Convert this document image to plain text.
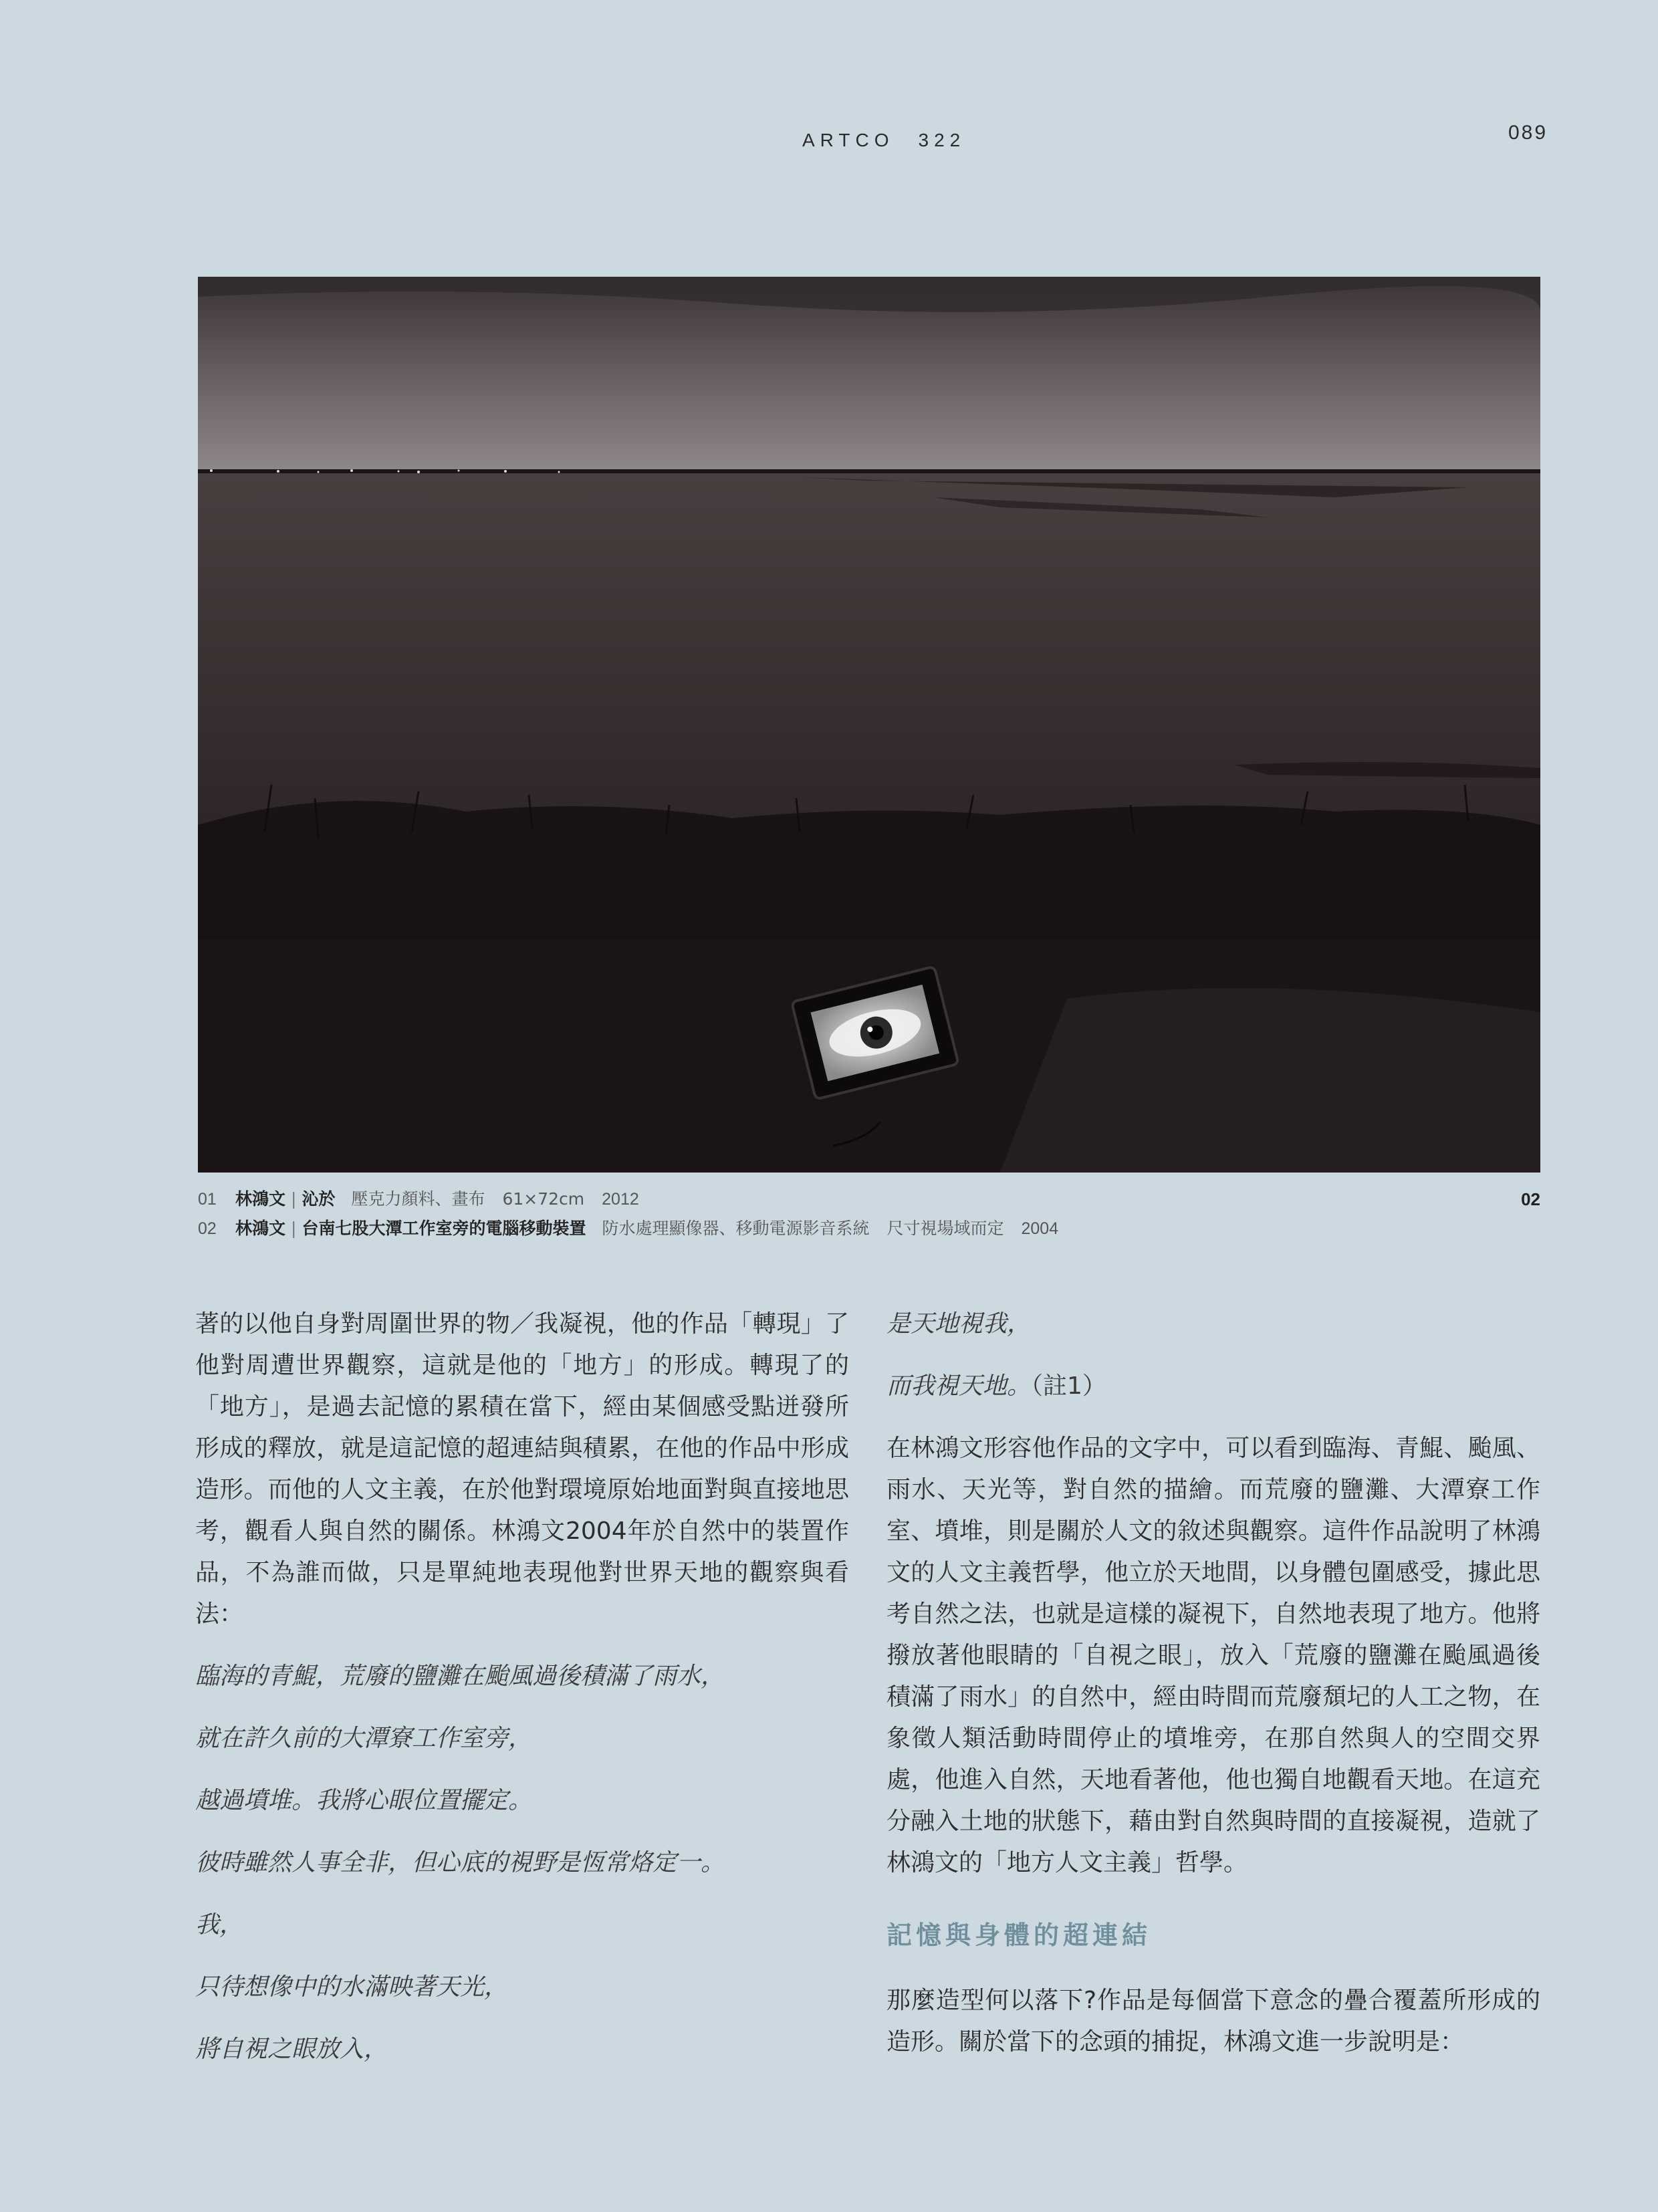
ARTCO　322	089
01 林鴻文 | 沁於 壓克力顏料、畫布 61×72cm 2012
02 林鴻文 | 台南七股大潭工作室旁的電腦移動裝置 防水處理顯像器、移動電源影音系統 尺寸視場域而定 2004
02

著的以他自身對周圍世界的物／我凝視，他的作品「轉現」了他對周遭世界觀察，這就是他的「地方」的形成。轉現了的「地方」，是過去記憶的累積在當下，經由某個感受點迸發所形成的釋放，就是這記憶的超連結與積累，在他的作品中形成造形。而他的人文主義，在於他對環境原始地面對與直接地思考，觀看人與自然的關係。林鴻文2004年於自然中的裝置作品，不為誰而做，只是單純地表現他對世界天地的觀察與看法：

臨海的青鯤，荒廢的鹽灘在颱風過後積滿了雨水，

就在許久前的大潭寮工作室旁，

越過墳堆。我將心眼位置擺定。

彼時雖然人事全非，但心底的視野是恆常烙定一。

我，

只待想像中的水滿映著天光，

將自視之眼放入，

是天地視我，

而我視天地。（註1）

在林鴻文形容他作品的文字中，可以看到臨海、青鯤、颱風、雨水、天光等，對自然的描繪。而荒廢的鹽灘、大潭寮工作室、墳堆，則是關於人文的敘述與觀察。這件作品說明了林鴻文的人文主義哲學，他立於天地間，以身體包圍感受，據此思考自然之法，也就是這樣的凝視下，自然地表現了地方。他將撥放著他眼睛的「自視之眼」，放入「荒廢的鹽灘在颱風過後積滿了雨水」的自然中，經由時間而荒廢頹圮的人工之物，在象徵人類活動時間停止的墳堆旁，在那自然與人的空間交界處，他進入自然，天地看著他，他也獨自地觀看天地。在這充分融入土地的狀態下，藉由對自然與時間的直接凝視，造就了林鴻文的「地方人文主義」哲學。

記憶與身體的超連結

那麼造型何以落下?作品是每個當下意念的疊合覆蓋所形成的造形。關於當下的念頭的捕捉，林鴻文進一步說明是：
